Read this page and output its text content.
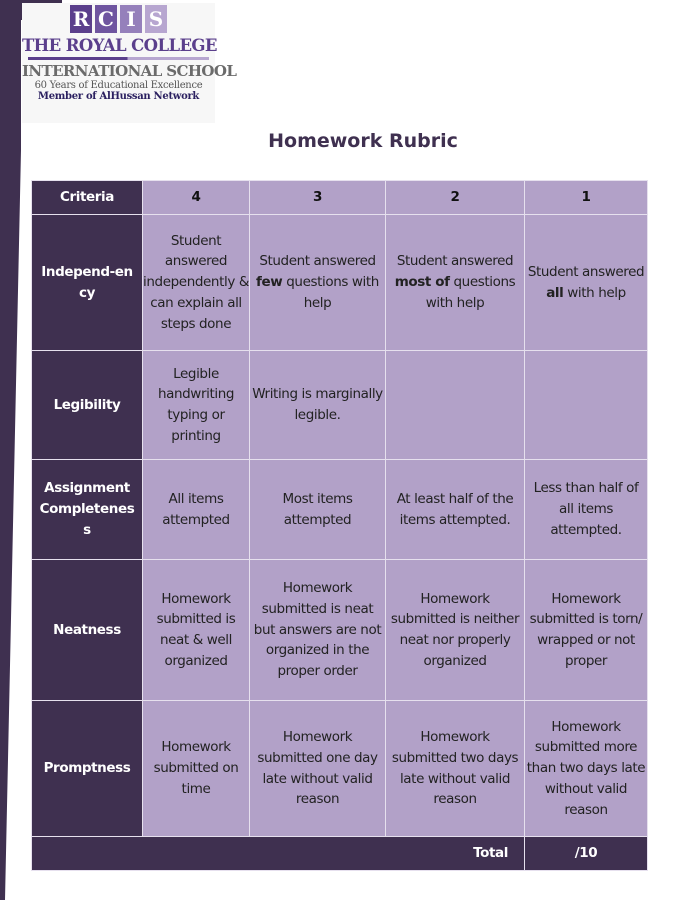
R C I S
THE ROYAL COLLEGE
INTERNATIONAL SCHOOL
60 Years of Educational Excellence
Member of AlHussan Network
Homework Rubric
Criteria	4	3	2	1
Independ-ency	Student answered independently & can explain all steps done	Student answered few questions with help	Student answered most of questions with help	Student answered all with help
Legibility	Legible handwriting typing or printing	Writing is marginally legible.		
Assignment Completeness	All items attempted	Most items attempted	At least half of the items attempted.	Less than half of all items attempted.
Neatness	Homework submitted is neat & well organized	Homework submitted is neat but answers are not organized in the proper order	Homework submitted is neither neat nor properly organized	Homework submitted is torn/ wrapped or not proper
Promptness	Homework submitted on time	Homework submitted one day late without valid reason	Homework submitted two days late without valid reason	Homework submitted more than two days late without valid reason
Total				/10
